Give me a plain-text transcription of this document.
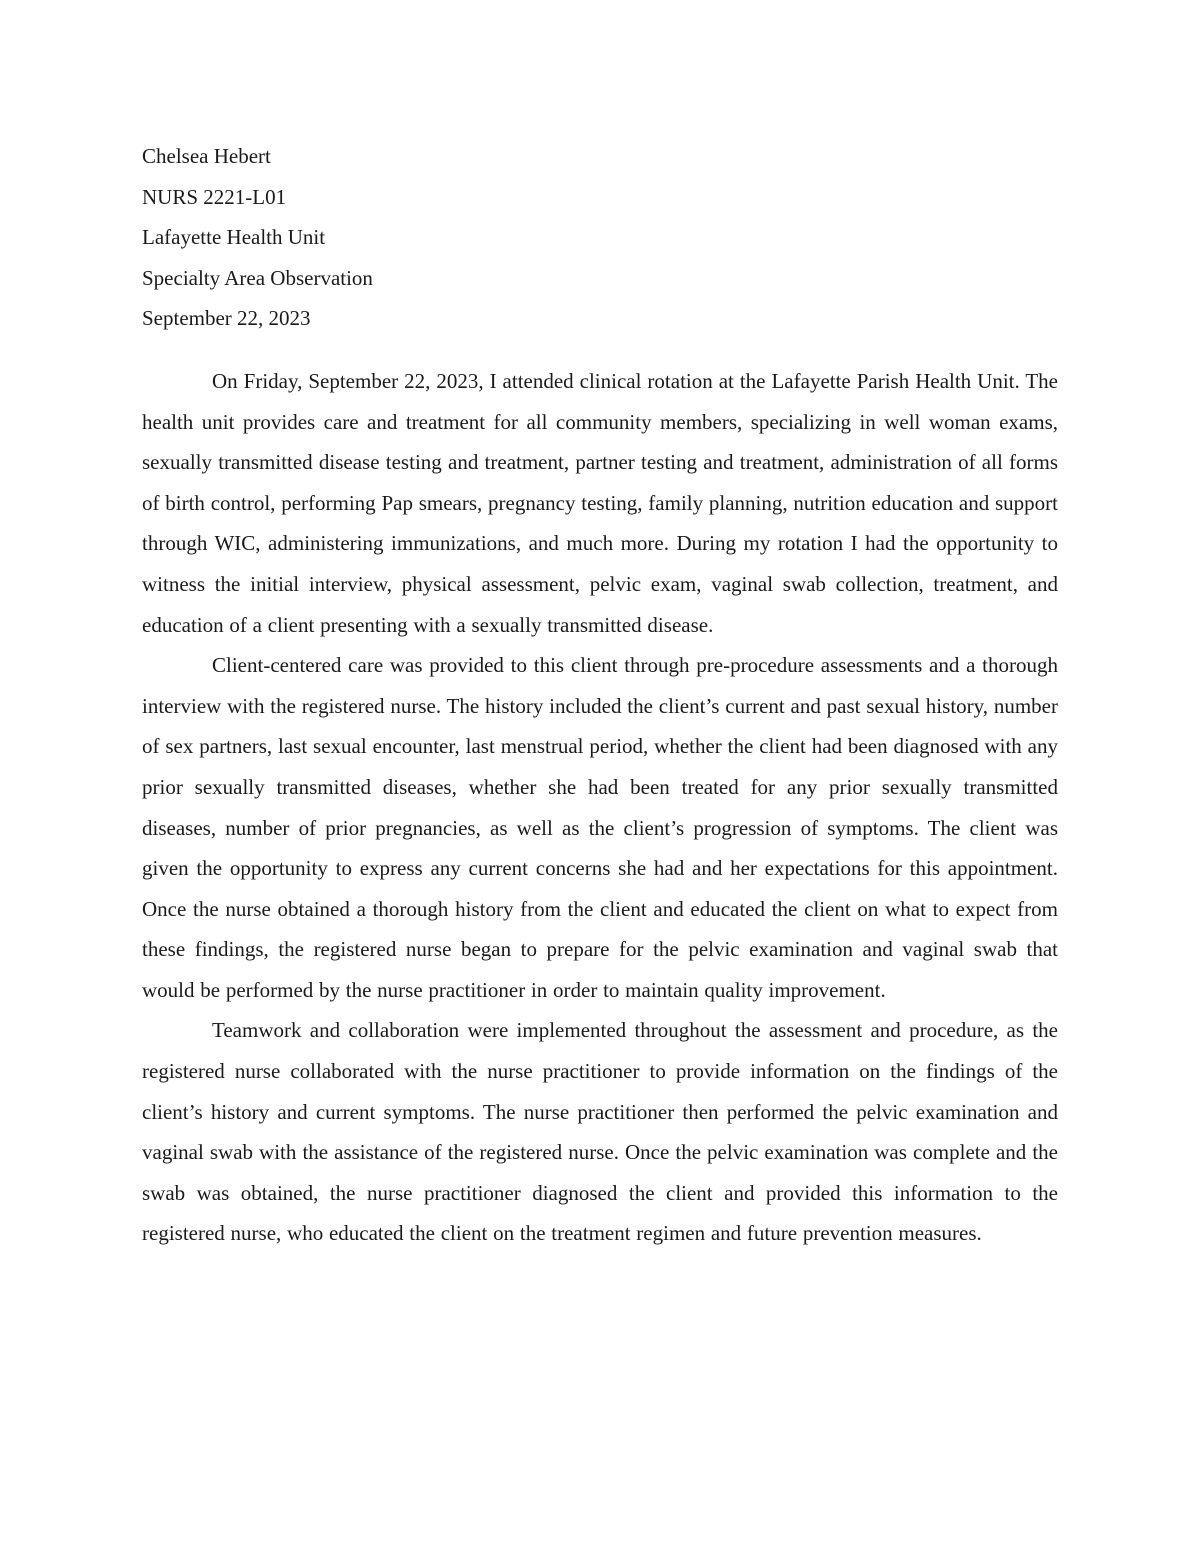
Chelsea Hebert

NURS 2221-L01

Lafayette Health Unit

Specialty Area Observation

September 22, 2023

On Friday, September 22, 2023, I attended clinical rotation at the Lafayette Parish Health Unit. The health unit provides care and treatment for all community members, specializing in well woman exams, sexually transmitted disease testing and treatment, partner testing and treatment, administration of all forms of birth control, performing Pap smears, pregnancy testing, family planning, nutrition education and support through WIC, administering immunizations, and much more. During my rotation I had the opportunity to witness the initial interview, physical assessment, pelvic exam, vaginal swab collection, treatment, and education of a client presenting with a sexually transmitted disease.

Client-centered care was provided to this client through pre-procedure assessments and a thorough interview with the registered nurse. The history included the client’s current and past sexual history, number of sex partners, last sexual encounter, last menstrual period, whether the client had been diagnosed with any prior sexually transmitted diseases, whether she had been treated for any prior sexually transmitted diseases, number of prior pregnancies, as well as the client’s progression of symptoms. The client was given the opportunity to express any current concerns she had and her expectations for this appointment. Once the nurse obtained a thorough history from the client and educated the client on what to expect from these findings, the registered nurse began to prepare for the pelvic examination and vaginal swab that would be performed by the nurse practitioner in order to maintain quality improvement.

Teamwork and collaboration were implemented throughout the assessment and procedure, as the registered nurse collaborated with the nurse practitioner to provide information on the findings of the client’s history and current symptoms. The nurse practitioner then performed the pelvic examination and vaginal swab with the assistance of the registered nurse. Once the pelvic examination was complete and the swab was obtained, the nurse practitioner diagnosed the client and provided this information to the registered nurse, who educated the client on the treatment regimen and future prevention measures.
